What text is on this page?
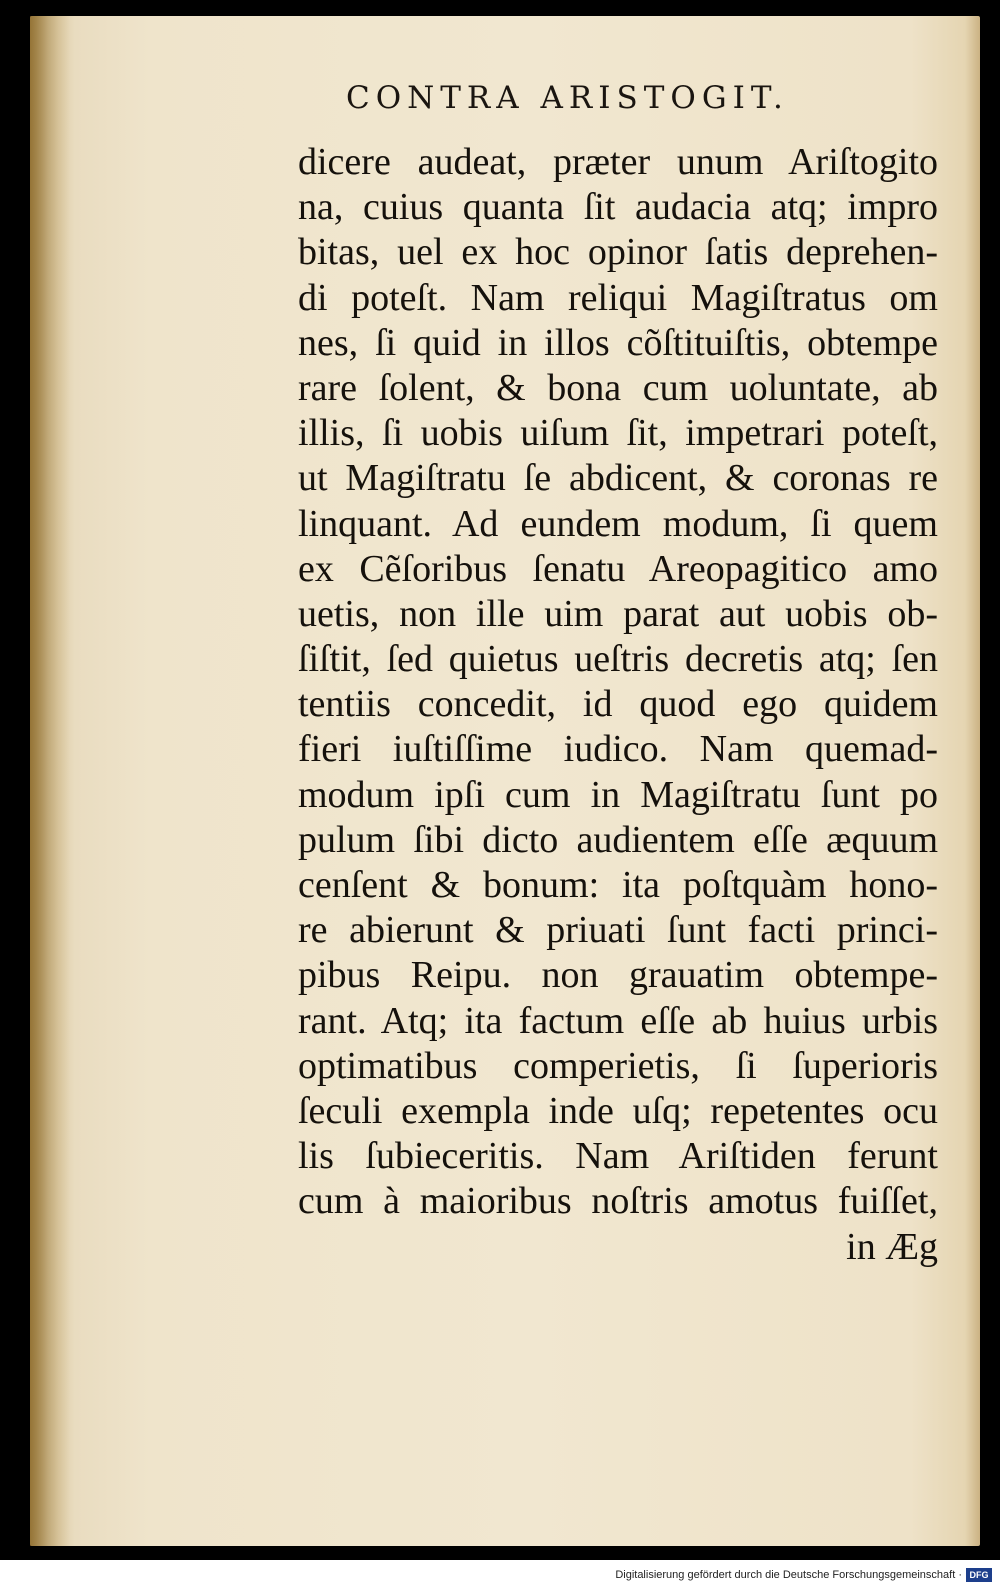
CONTRA ARISTOGIT.
dicere audeat, præter unum Ariſtogito
na, cuius quanta ſit audacia atq; impro
bitas, uel ex hoc opinor ſatis deprehen-
di poteſt. Nam reliqui Magiſtratus om
nes, ſi quid in illos cõſtituiſtis, obtempe
rare ſolent, & bona cum uoluntate, ab
illis, ſi uobis uiſum ſit, impetrari poteſt,
ut Magiſtratu ſe abdicent, & coronas re
linquant. Ad eundem modum, ſi quem
ex Cẽſoribus ſenatu Areopagitico amo
uetis, non ille uim parat aut uobis ob-
ſiſtit, ſed quietus ueſtris decretis atq; ſen
tentiis concedit, id quod ego quidem
fieri iuſtiſſime iudico. Nam quemad-
modum ipſi cum in Magiſtratu ſunt po
pulum ſibi dicto audientem eſſe æquum
cenſent & bonum: ita poſtquàm hono-
re abierunt & priuati ſunt facti princi-
pibus Reipu. non grauatim obtempe-
rant. Atq; ita factum eſſe ab huius urbis
optimatibus comperietis, ſi ſuperioris
ſeculi exempla inde uſq; repetentes ocu
lis ſubieceritis. Nam Ariſtiden ferunt
cum à maioribus noſtris amotus fuiſſet,
in Æg
Digitalisierung gefördert durch die Deutsche Forschungsgemeinschaft · DFG
